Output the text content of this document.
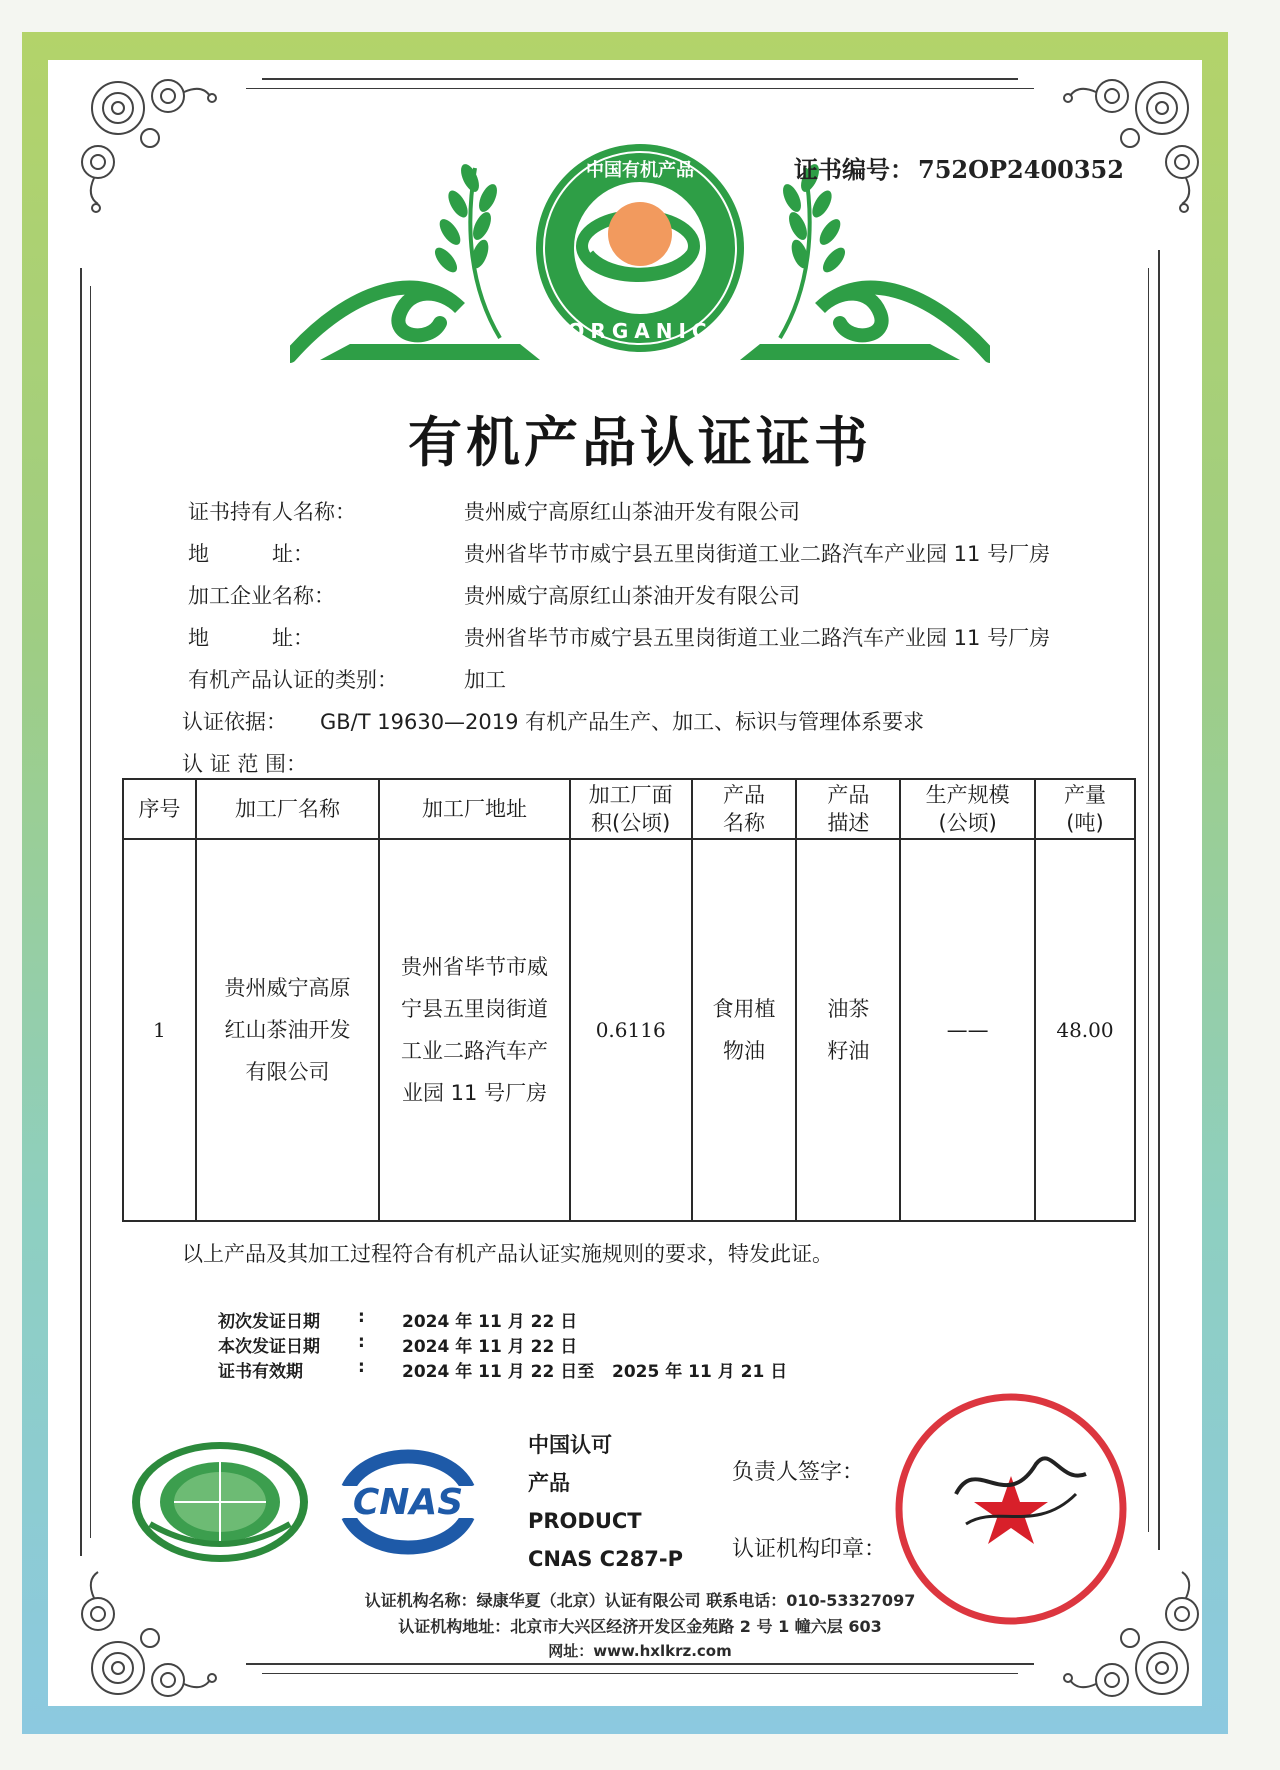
中国有机产品
ORGANIC
证书编号： 752OP2400352
有机产品认证证书
证书持有人名称：	贵州威宁高原红山茶油开发有限公司
地　　　址：	贵州省毕节市威宁县五里岗街道工业二路汽车产业园 11 号厂房
加工企业名称：	贵州威宁高原红山茶油开发有限公司
地　　　址：	贵州省毕节市威宁县五里岗街道工业二路汽车产业园 11 号厂房
有机产品认证的类别：	加工
认证依据： GB/T 19630—2019 有机产品生产、加工、标识与管理体系要求
认 证 范 围：
序号	加工厂名称	加工厂地址	加工厂面积(公顷)	产品名称	产品描述	生产规模(公顷)	产量(吨)
1	贵州威宁高原红山茶油开发有限公司	贵州省毕节市威宁县五里岗街道工业二路汽车产业园 11 号厂房	0.6116	食用植物油	油茶籽油	——	48.00
以上产品及其加工过程符合有机产品认证实施规则的要求，特发此证。
初次发证日期 : 2024 年 11 月 22 日
本次发证日期 : 2024 年 11 月 22 日
证书有效期	: 2024 年 11 月 22 日至 2025 年 11 月 21 日
CNAS
中国认可
产品
PRODUCT
CNAS C287-P
负责人签字：
认证机构印章：
认证机构名称：绿康华夏（北京）认证有限公司 联系电话：010-53327097
认证机构地址：北京市大兴区经济开发区金苑路 2 号 1 幢六层 603
网址：www.hxlkrz.com
